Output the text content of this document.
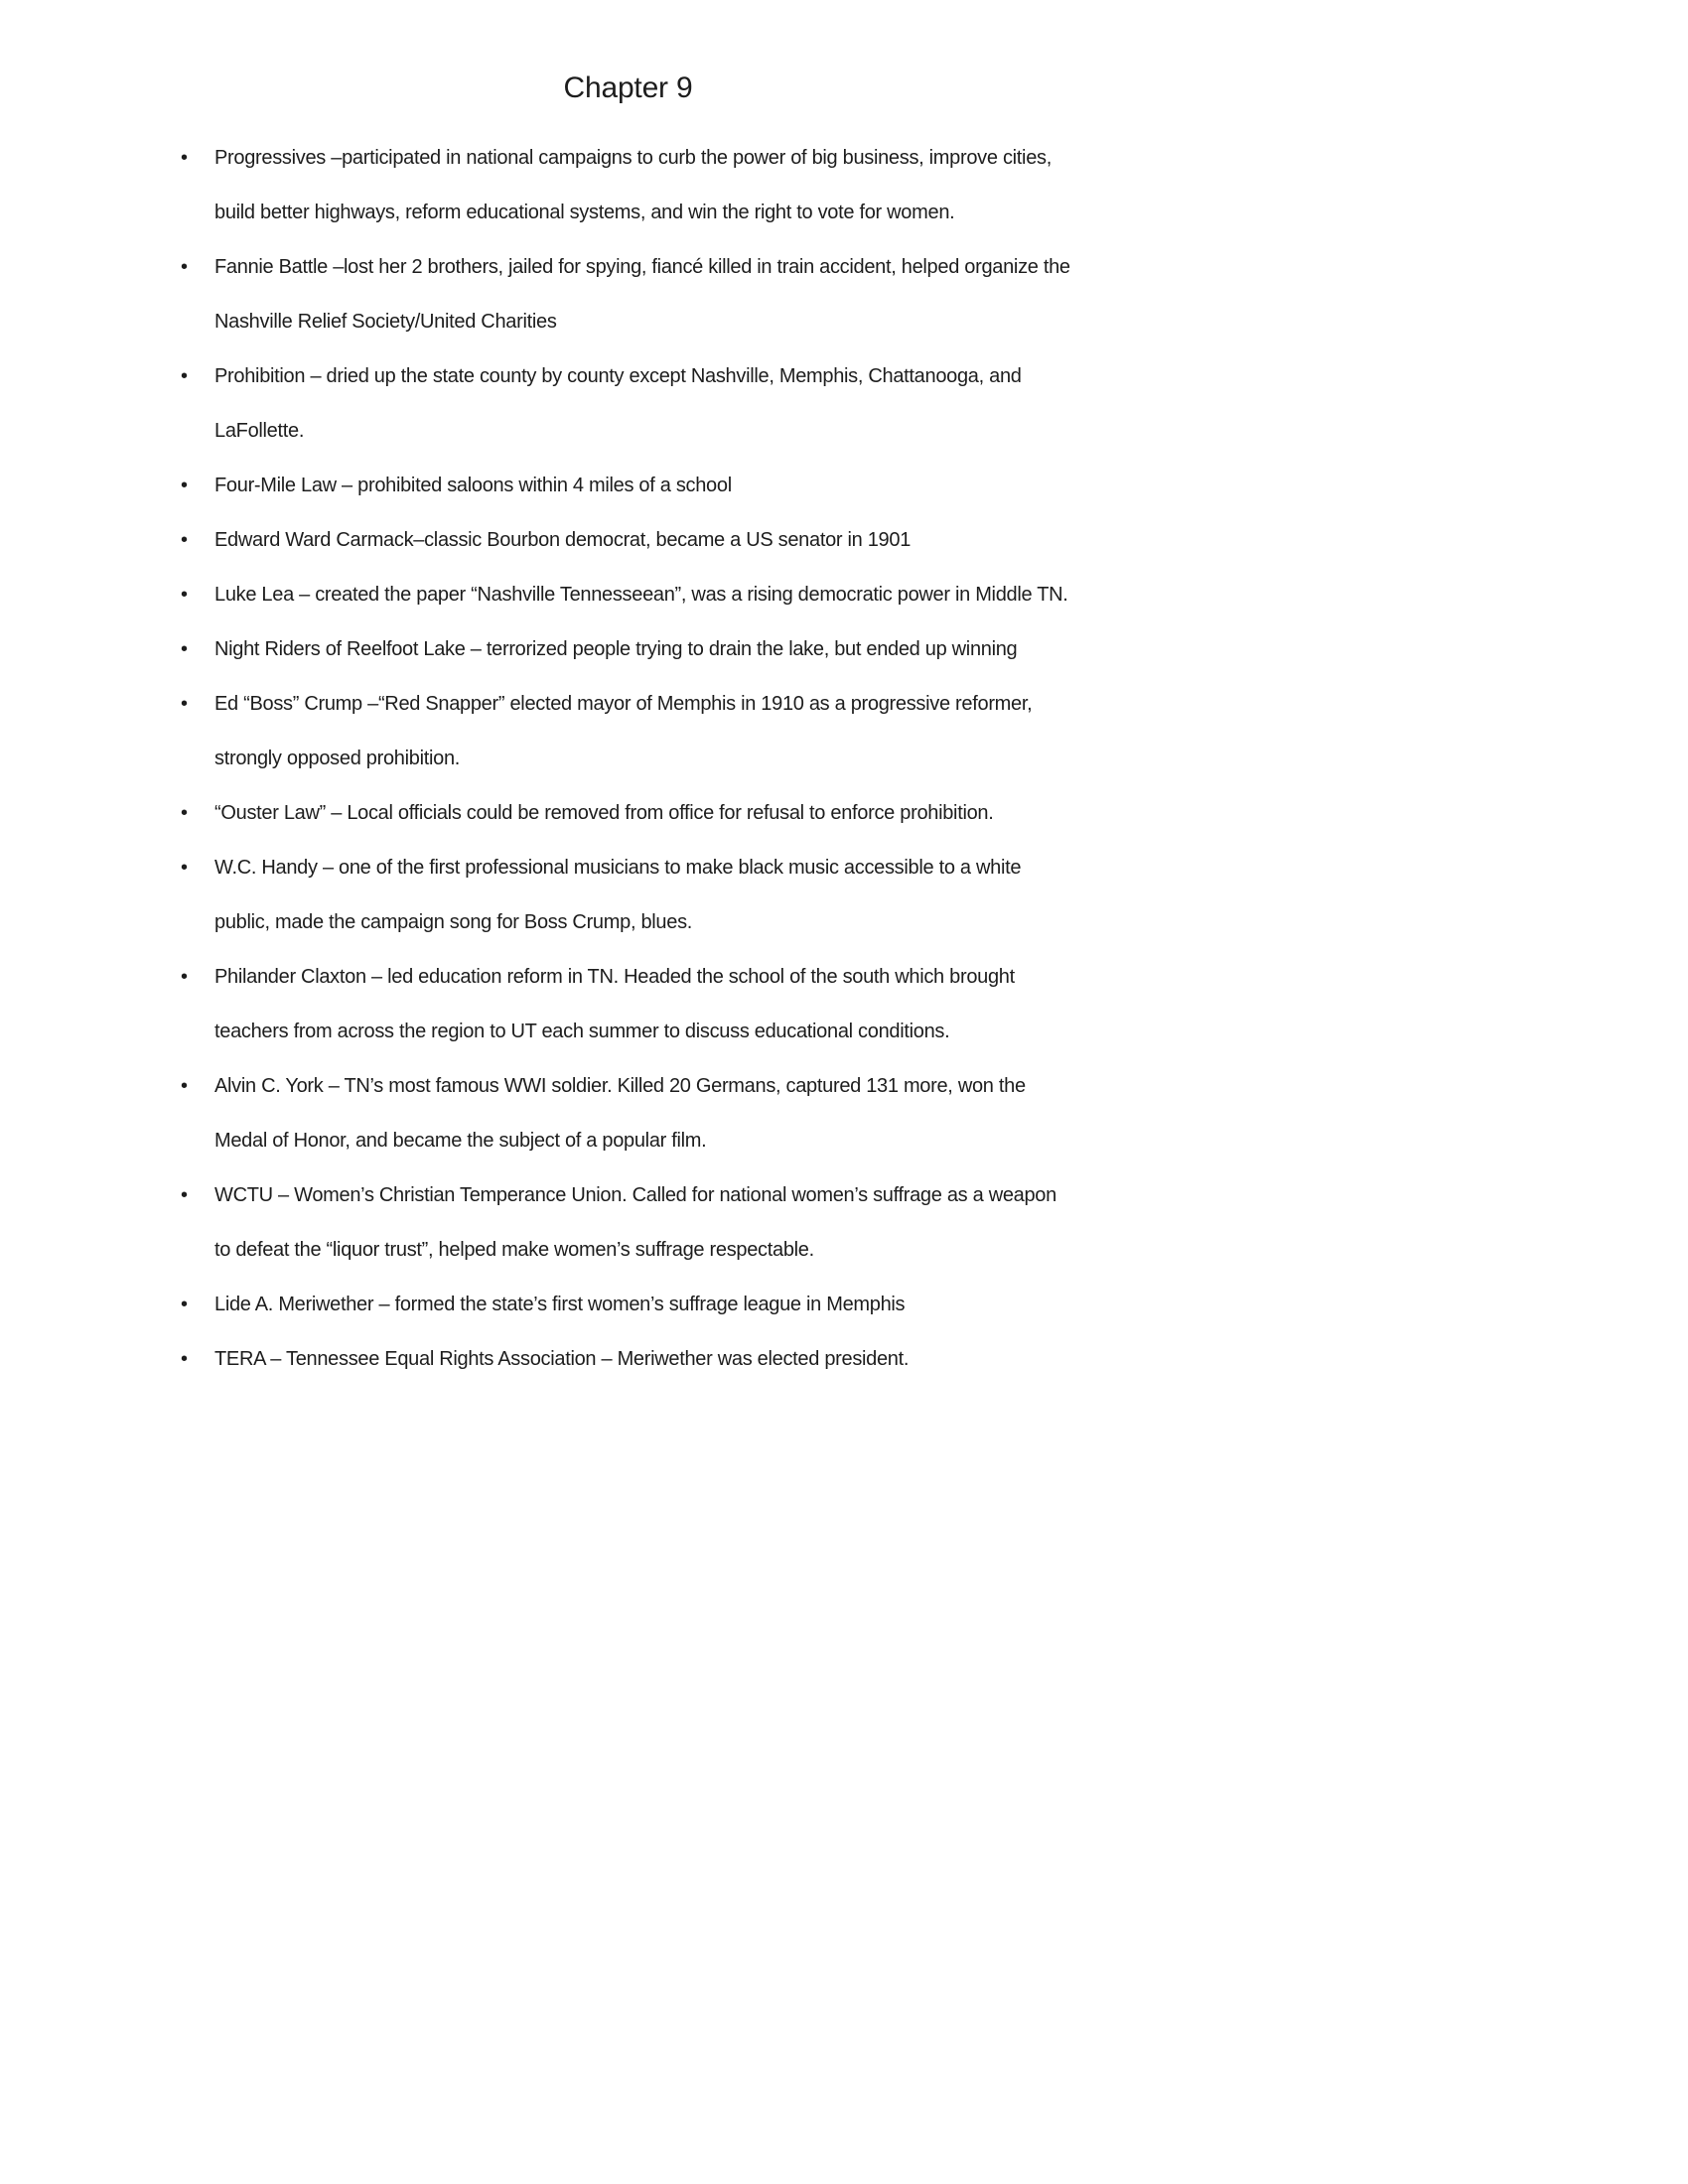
Chapter 9
• Progressives –participated in national campaigns to curb the power of big business, improve cities, build better highways, reform educational systems, and win the right to vote for women.
• Fannie Battle –lost her 2 brothers, jailed for spying, fiancé killed in train accident, helped organize the Nashville Relief Society/United Charities
• Prohibition – dried up the state county by county except Nashville, Memphis, Chattanooga, and LaFollette.
• Four-Mile Law – prohibited saloons within 4 miles of a school
• Edward Ward Carmack–classic Bourbon democrat, became a US senator in 1901
• Luke Lea – created the paper “Nashville Tennesseean”, was a rising democratic power in Middle TN.
• Night Riders of Reelfoot Lake – terrorized people trying to drain the lake, but ended up winning
• Ed “Boss” Crump –“Red Snapper” elected mayor of Memphis in 1910 as a progressive reformer, strongly opposed prohibition.
• “Ouster Law” – Local officials could be removed from office for refusal to enforce prohibition.
• W.C. Handy – one of the first professional musicians to make black music accessible to a white public, made the campaign song for Boss Crump, blues.
• Philander Claxton – led education reform in TN. Headed the school of the south which brought teachers from across the region to UT each summer to discuss educational conditions.
• Alvin C. York – TN’s most famous WWI soldier. Killed 20 Germans, captured 131 more, won the Medal of Honor, and became the subject of a popular film.
• WCTU – Women’s Christian Temperance Union. Called for national women’s suffrage as a weapon to defeat the “liquor trust”, helped make women’s suffrage respectable.
• Lide A. Meriwether – formed the state’s first women’s suffrage league in Memphis
• TERA – Tennessee Equal Rights Association – Meriwether was elected president.
